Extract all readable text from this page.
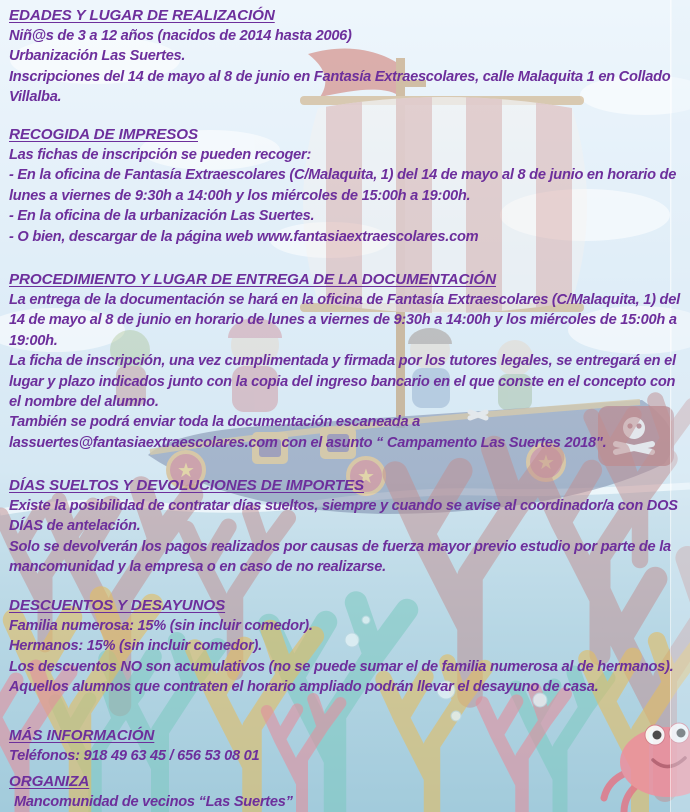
★	★
EDADES Y LUGAR DE REALIZACIÓN

Niñ@s de 3 a 12 años (nacidos de 2014 hasta 2006)

Urbanización Las Suertes.

Inscripciones del 14 de mayo al 8 de junio en Fantasía Extraescolares, calle Malaquita 1 en Collado Villalba.

RECOGIDA DE IMPRESOS

Las fichas de inscripción se pueden recoger:

- En la oficina de Fantasía Extraescolares (C/Malaquita, 1) del 14 de mayo al 8 de junio en horario de lunes a viernes de 9:30h a 14:00h y los miércoles de 15:00h a 19:00h.

- En la oficina de la urbanización Las Suertes.

- O bien, descargar de la página web www.fantasiaextraescolares.com

PROCEDIMIENTO Y LUGAR DE ENTREGA DE LA DOCUMENTACIÓN

La entrega de la documentación se hará en la oficina de Fantasía Extraescolares (C/Malaquita, 1) del 14 de mayo al 8 de junio en horario de lunes a viernes de 9:30h a 14:00h y los miércoles de 15:00h a 19:00h.

La ficha de inscripción, una vez cumplimentada y firmada por los tutores legales, se entregará en el lugar y plazo indicados junto con la copia del ingreso bancario en el que conste en el concepto con el nombre del alumno.

También se podrá enviar toda la documentación escaneada a lassuertes@fantasiaextraescolares.com con el asunto “ Campamento Las Suertes 2018".

DÍAS SUELTOS Y DEVOLUCIONES DE IMPORTES

Existe la posibilidad de contratar días sueltos, siempre y cuando se avise al coordinador/a con DOS DÍAS de antelación.

Solo se devolverán los pagos realizados por causas de fuerza mayor previo estudio por parte de la mancomunidad y la empresa o en caso de no realizarse.

DESCUENTOS Y DESAYUNOS

Familia numerosa: 15% (sin incluir comedor).

Hermanos: 15% (sin incluir comedor).

Los descuentos NO son acumulativos (no se puede sumar el de familia numerosa al de hermanos).

Aquellos alumnos que contraten el horario ampliado podrán llevar el desayuno de casa.

MÁS INFORMACIÓN

Teléfonos: 918 49 63 45 / 656 53 08 01

ORGANIZA

Mancomunidad de vecinos “Las Suertes”
